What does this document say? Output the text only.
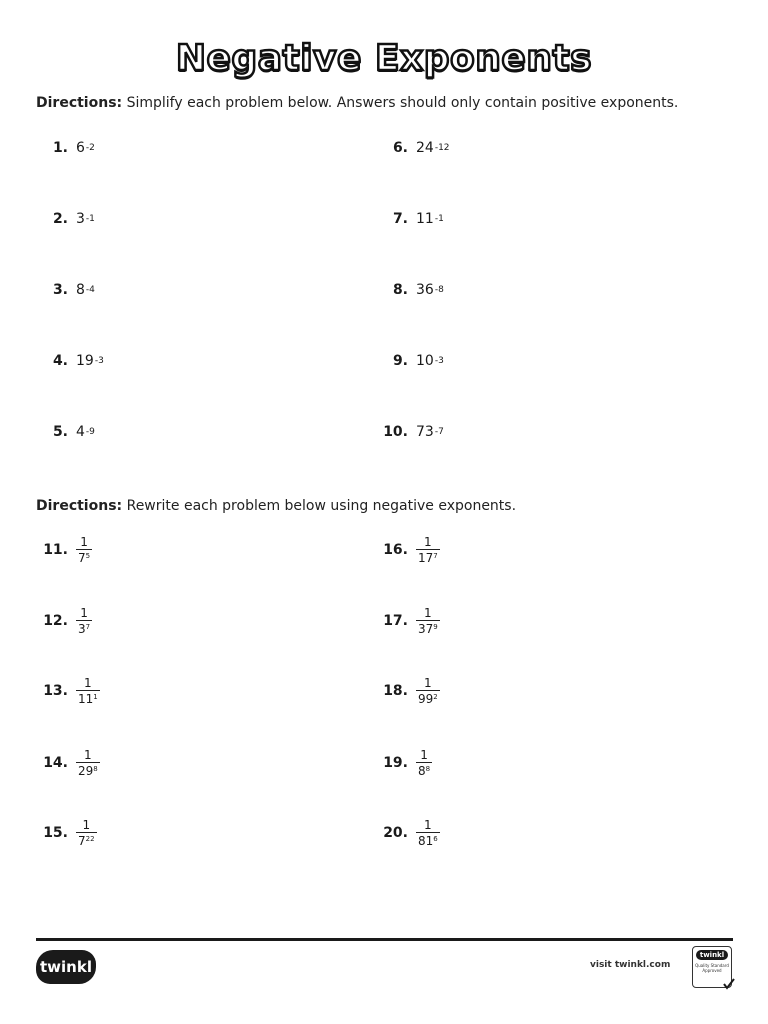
Negative Exponents
Directions: Simplify each problem below. Answers should only contain positive exponents.
1. 6 -2
2. 3 -1
3. 8 -4
4. 19 -3
5. 4 -9
6. 24 -12
7. 11 -1
8. 36 -8
9. 10 -3
10. 73 -7
Directions: Rewrite each problem below using negative exponents.
11. $\frac{1}{7^5}$
12. $\frac{1}{3^7}$
13. $\frac{1}{11^1}$
14. $\frac{1}{29^8}$
15. $\frac{1}{7^{22}}$
16. $\frac{1}{17^7}$
17. $\frac{1}{37^9}$
18. $\frac{1}{99^2}$
19. $\frac{1}{8^8}$
20. $\frac{1}{81^6}$
twinkl	visit twinkl.com
twinkl
Quality Standard Approved
